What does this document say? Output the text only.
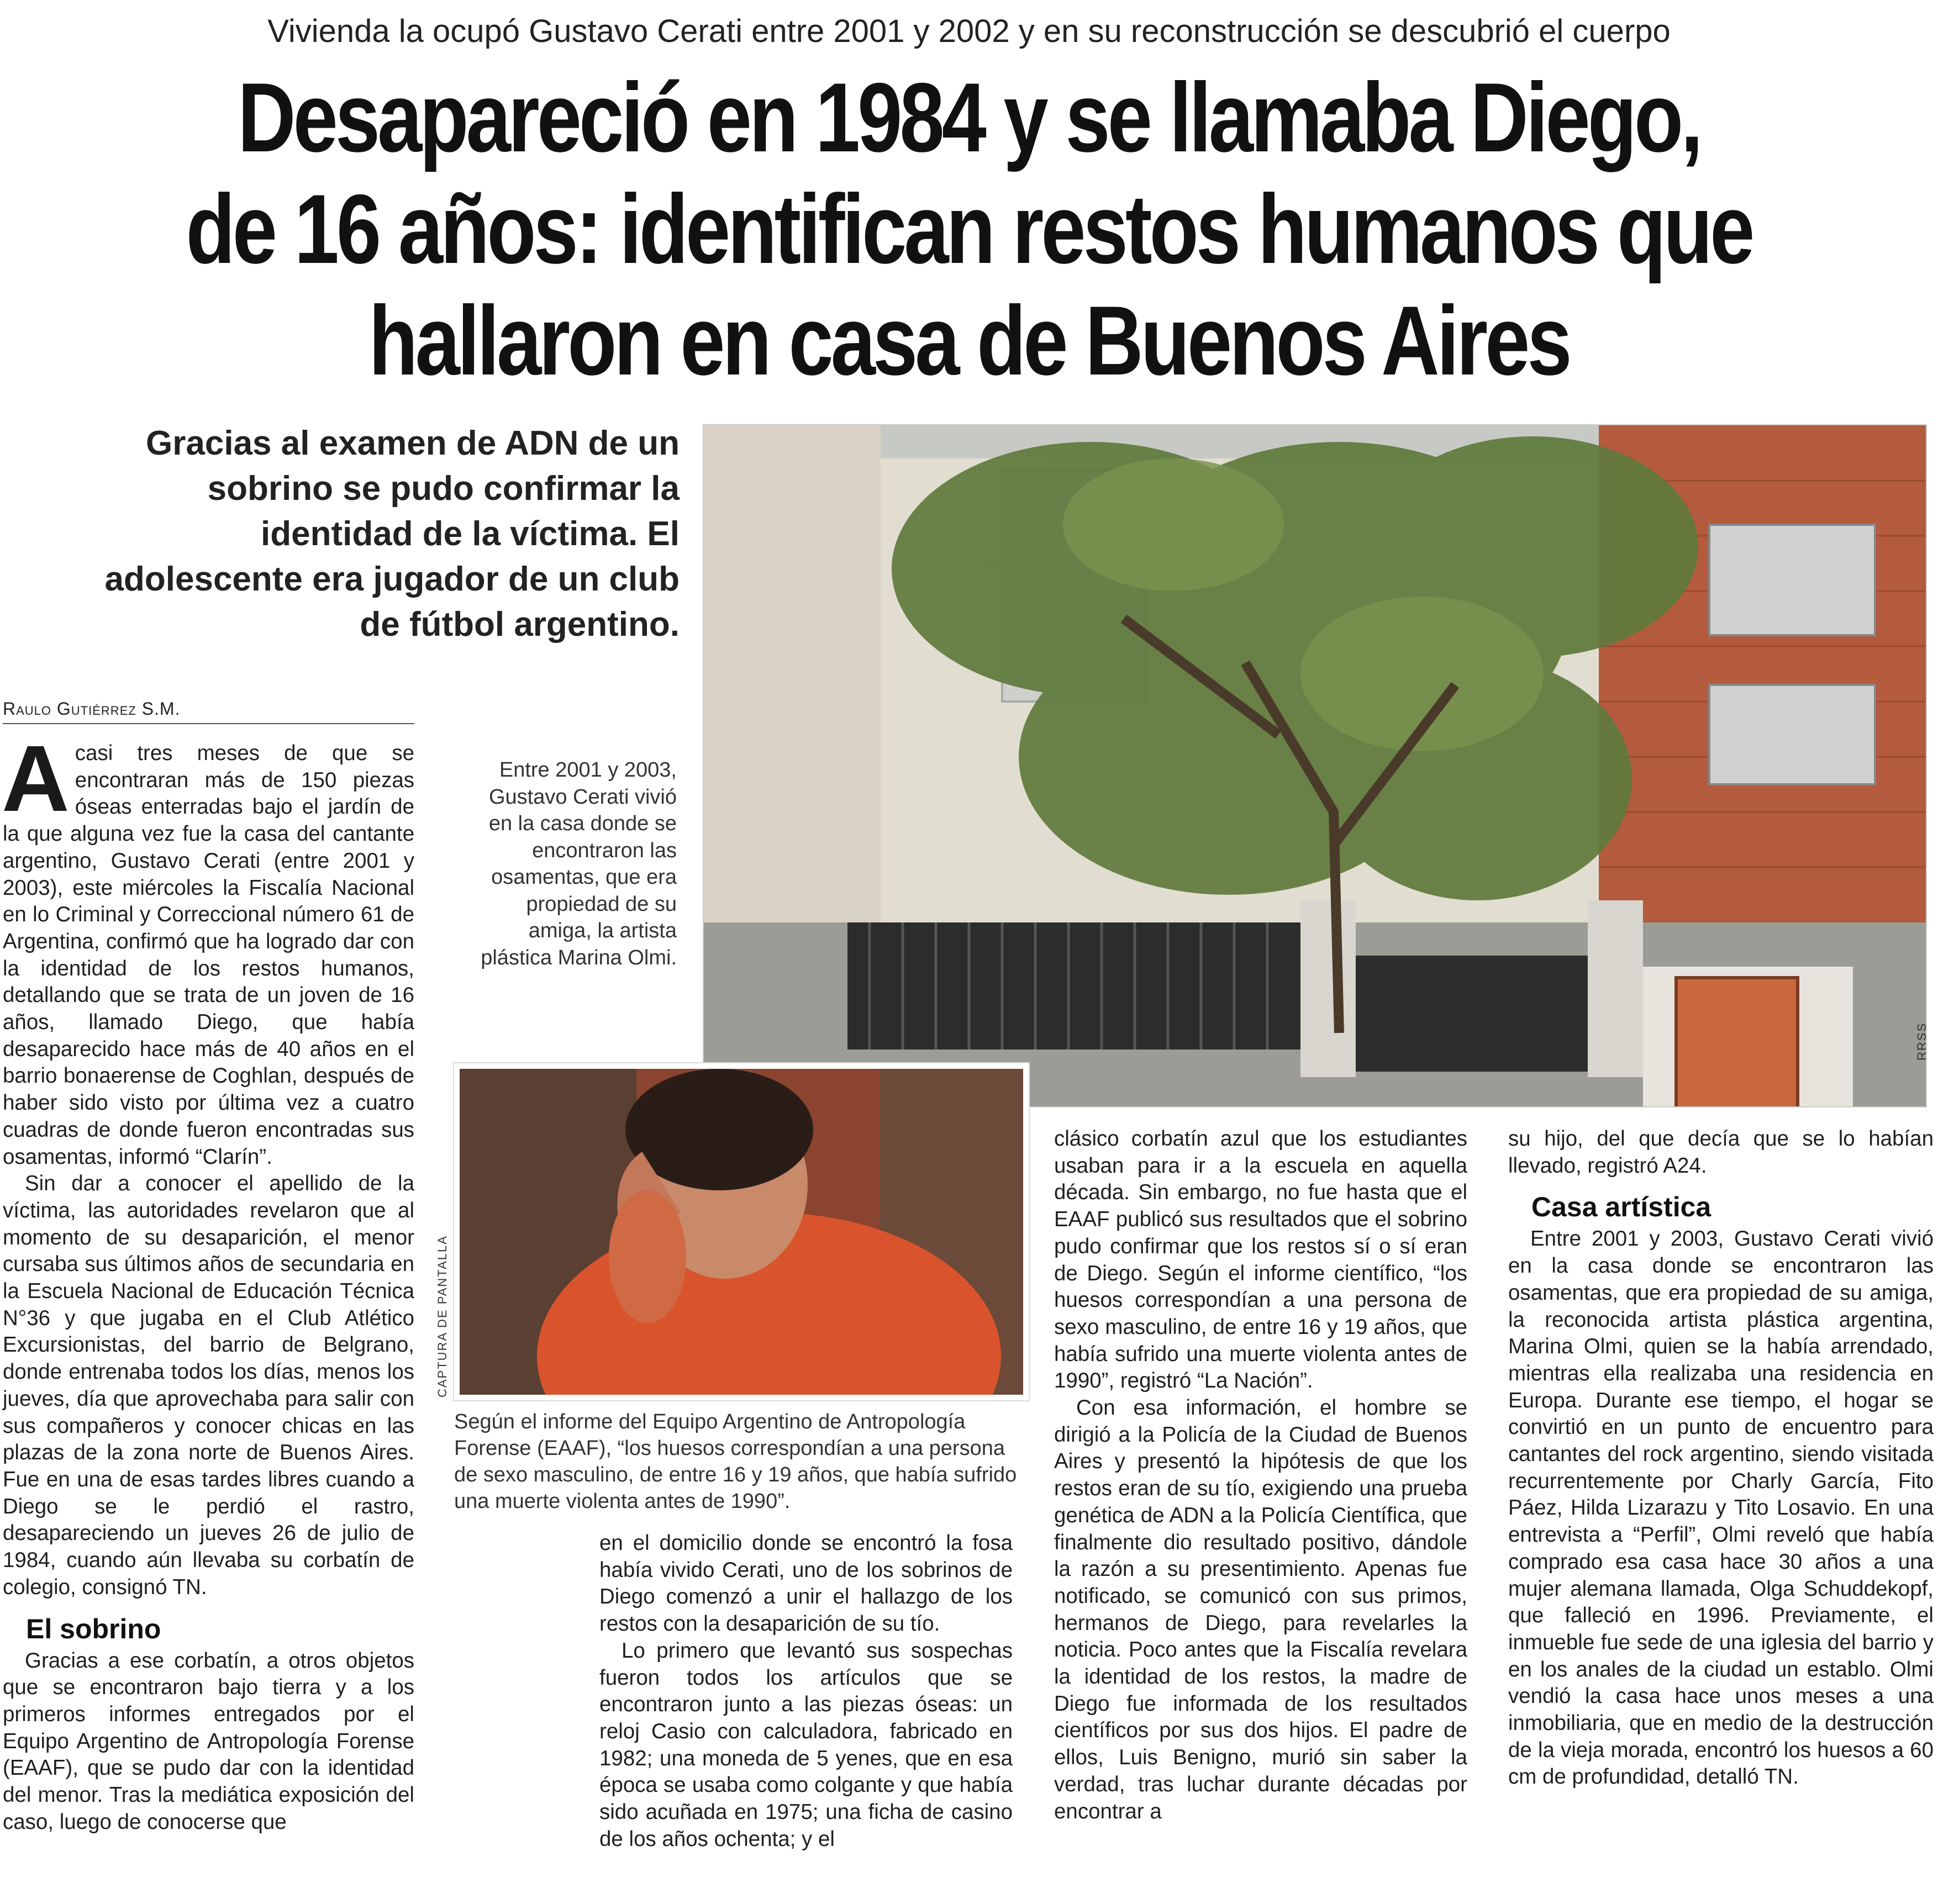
Vivienda la ocupó Gustavo Cerati entre 2001 y 2002 y en su reconstrucción se descubrió el cuerpo
Desapareció en 1984 y se llamaba Diego,
de 16 años: identifican restos humanos que
hallaron en casa de Buenos Aires
Gracias al examen de ADN de un sobrino se pudo confirmar la identidad de la víctima. El adolescente era jugador de un club de fútbol argentino.
Raulo Gutiérrez S.M.
RRSS
Entre 2001 y 2003, Gustavo Cerati vivió en la casa donde se encontraron las osamentas, que era propiedad de su amiga, la artista plástica Marina Olmi.
CAPTURA DE PANTALLA
Según el informe del Equipo Argentino de Antropología Forense (EAAF), “los huesos correspondían a una persona de sexo masculino, de entre 16 y 19 años, que había sufrido una muerte violenta antes de 1990”.

Acasi tres meses de que se encontraran más de 150 piezas óseas enterradas bajo el jardín de la que alguna vez fue la casa del cantante argentino, Gustavo Cerati (entre 2001 y 2003), este miércoles la Fiscalía Nacional en lo Criminal y Correccional número 61 de Argentina, confirmó que ha logrado dar con la identidad de los restos humanos, detallando que se trata de un joven de 16 años, llamado Diego, que había desaparecido hace más de 40 años en el barrio bonaerense de Coghlan, después de haber sido visto por última vez a cuatro cuadras de donde fueron encontradas sus osamentas, informó “Clarín”.

Sin dar a conocer el apellido de la víctima, las autoridades revelaron que al momento de su desaparición, el menor cursaba sus últimos años de secundaria en la Escuela Nacional de Educación Técnica N°36 y que jugaba en el Club Atlético Excursionistas, del barrio de Belgrano, donde entrenaba todos los días, menos los jueves, día que aprovechaba para salir con sus compañeros y conocer chicas en las plazas de la zona norte de Buenos Aires. Fue en una de esas tardes libres cuando a Diego se le perdió el rastro, desapareciendo un jueves 26 de julio de 1984, cuando aún llevaba su corbatín de colegio, consignó TN.

El sobrino

Gracias a ese corbatín, a otros objetos que se encontraron bajo tierra y a los primeros informes entregados por el Equipo Argentino de Antropología Forense (EAAF), que se pudo dar con la identidad del menor. Tras la mediática exposición del caso, luego de conocerse que

en el domicilio donde se encontró la fosa había vivido Cerati, uno de los sobrinos de Diego comenzó a unir el hallazgo de los restos con la desaparición de su tío.

Lo primero que levantó sus sospechas fueron todos los artículos que se encontraron junto a las piezas óseas: un reloj Casio con calculadora, fabricado en 1982; una moneda de 5 yenes, que en esa época se usaba como colgante y que había sido acuñada en 1975; una ficha de casino de los años ochenta; y el

clásico corbatín azul que los estudiantes usaban para ir a la escuela en aquella década. Sin embargo, no fue hasta que el EAAF publicó sus resultados que el sobrino pudo confirmar que los restos sí o sí eran de Diego. Según el informe científico, “los huesos correspondían a una persona de sexo masculino, de entre 16 y 19 años, que había sufrido una muerte violenta antes de 1990”, registró “La Nación”.

Con esa información, el hombre se dirigió a la Policía de la Ciudad de Buenos Aires y presentó la hipótesis de que los restos eran de su tío, exigiendo una prueba genética de ADN a la Policía Científica, que finalmente dio resultado positivo, dándole la razón a su presentimiento. Apenas fue notificado, se comunicó con sus primos, hermanos de Diego, para revelarles la noticia. Poco antes que la Fiscalía revelara la identidad de los restos, la madre de Diego fue informada de los resultados científicos por sus dos hijos. El padre de ellos, Luis Benigno, murió sin saber la verdad, tras luchar durante décadas por encontrar a

su hijo, del que decía que se lo habían llevado, registró A24.

Casa artística

Entre 2001 y 2003, Gustavo Cerati vivió en la casa donde se encontraron las osamentas, que era propiedad de su amiga, la reconocida artista plástica argentina, Marina Olmi, quien se la había arrendado, mientras ella realizaba una residencia en Europa. Durante ese tiempo, el hogar se convirtió en un punto de encuentro para cantantes del rock argentino, siendo visitada recurrentemente por Charly García, Fito Páez, Hilda Lizarazu y Tito Losavio. En una entrevista a “Perfil”, Olmi reveló que había comprado esa casa hace 30 años a una mujer alemana llamada, Olga Schuddekopf, que falleció en 1996. Previamente, el inmueble fue sede de una iglesia del barrio y en los anales de la ciudad un establo. Olmi vendió la casa hace unos meses a una inmobiliaria, que en medio de la destrucción de la vieja morada, encontró los huesos a 60 cm de profundidad, detalló TN.
